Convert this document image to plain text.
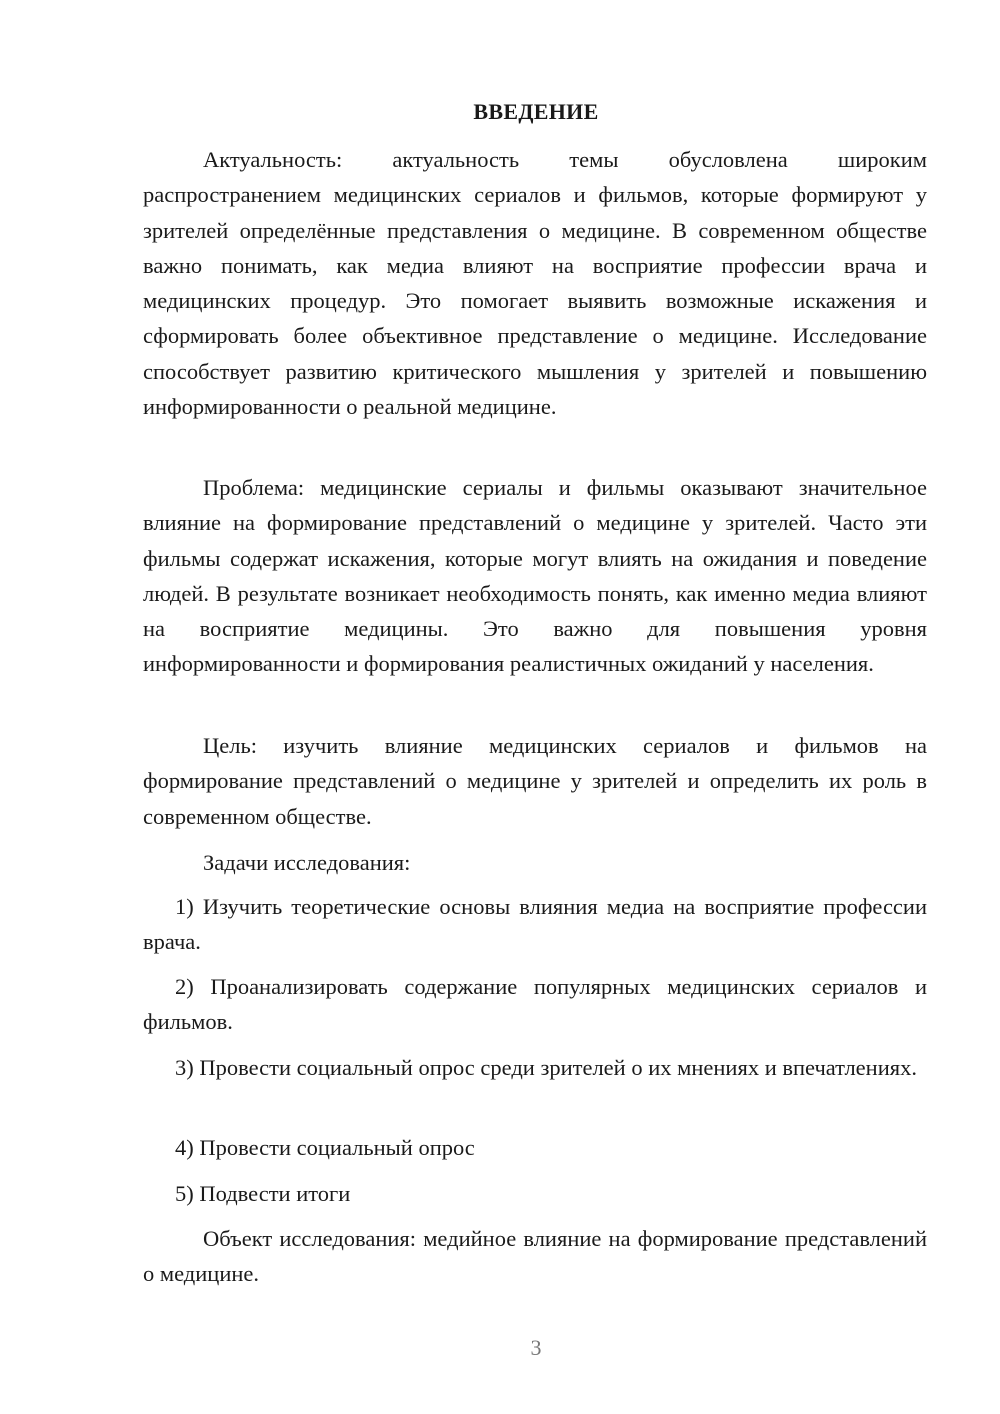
ВВЕДЕНИЕ

Актуальность: актуальность темы обусловлена широким распространением медицинских сериалов и фильмов, которые формируют у зрителей определённые представления о медицине. В современном обществе важно понимать, как медиа влияют на восприятие профессии врача и медицинских процедур. Это помогает выявить возможные искажения и сформировать более объективное представление о медицине. Исследование способствует развитию критического мышления у зрителей и повышению информированности о реальной медицине.

Проблема: медицинские сериалы и фильмы оказывают значительное влияние на формирование представлений о медицине у зрителей. Часто эти фильмы содержат искажения, которые могут влиять на ожидания и поведение людей. В результате возникает необходимость понять, как именно медиа влияют на восприятие медицины. Это важно для повышения уровня информированности и формирования реалистичных ожиданий у населения.

Цель: изучить влияние медицинских сериалов и фильмов на формирование представлений о медицине у зрителей и определить их роль в современном обществе.

Задачи исследования:

1) Изучить теоретические основы влияния медиа на восприятие профессии врача.

2) Проанализировать содержание популярных медицинских сериалов и фильмов.

3) Провести социальный опрос среди зрителей о их мнениях и впечатлениях.

4) Провести социальный опрос

5) Подвести итоги

Объект исследования: медийное влияние на формирование представлений о медицине.

3
